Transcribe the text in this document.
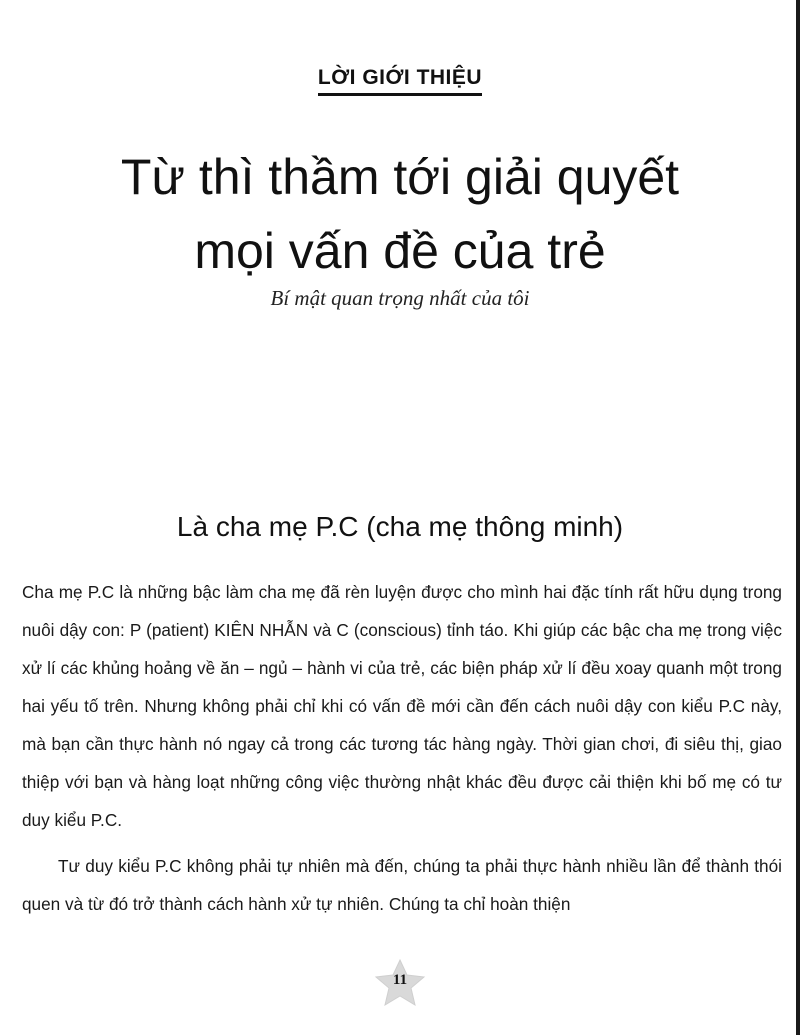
LỜI GIỚI THIỆU
Từ thì thầm tới giải quyết
mọi vấn đề của trẻ
Bí mật quan trọng nhất của tôi
Là cha mẹ P.C (cha mẹ thông minh)

Cha mẹ P.C là những bậc làm cha mẹ đã rèn luyện được cho mình hai đặc tính rất hữu dụng trong nuôi dậy con: P (patient) KIÊN NHẪN và C (conscious) tỉnh táo. Khi giúp các bậc cha mẹ trong việc xử lí các khủng hoảng về ăn – ngủ – hành vi của trẻ, các biện pháp xử lí đều xoay quanh một trong hai yếu tố trên. Nhưng không phải chỉ khi có vấn đề mới cần đến cách nuôi dậy con kiểu P.C này, mà bạn cần thực hành nó ngay cả trong các tương tác hàng ngày. Thời gian chơi, đi siêu thị, giao thiệp với bạn và hàng loạt những công việc thường nhật khác đều được cải thiện khi bố mẹ có tư duy kiểu P.C.

Tư duy kiểu P.C không phải tự nhiên mà đến, chúng ta phải thực hành nhiều lần để thành thói quen và từ đó trở thành cách hành xử tự nhiên. Chúng ta chỉ hoàn thiện

11
